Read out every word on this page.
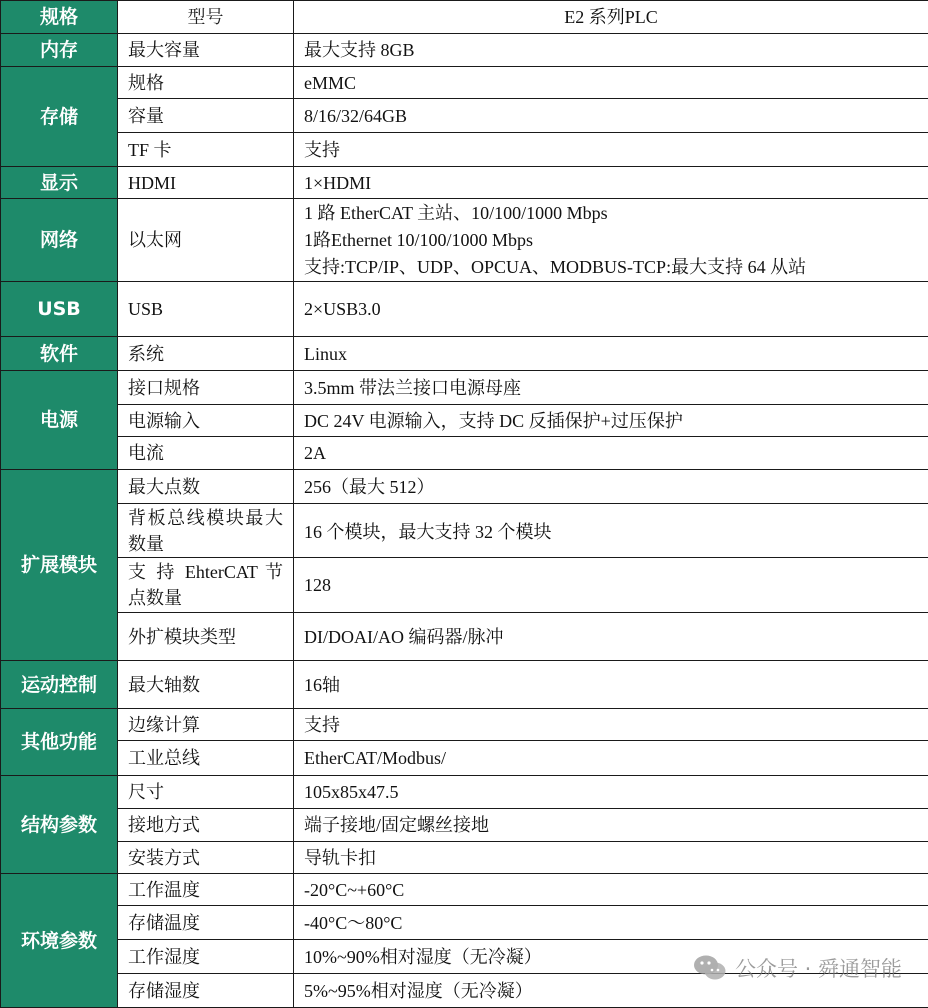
规格	型号	E2 系列PLC
内存	最大容量	最大支持 8GB
存储	规格	eMMC
	容量	8/16/32/64GB
	TF 卡	支持
显示	HDMI	1×HDMI
网络	以太网	1 路 EtherCAT 主站、10/100/1000 Mbps
1路Ethernet 10/100/1000 Mbps
支持:TCP/IP、UDP、OPCUA、MODBUS-TCP:最大支持 64 从站

USB	USB	2×USB3.0
软件	系统	Linux
电源	接口规格	3.5mm 带法兰接口电源母座
	电源输入	DC 24V 电源输入，支持 DC 反插保护+过压保护
	电流	2A
扩展模块	最大点数	256（最大 512）
	背板总线模块最大数量	16 个模块，最大支持 32 个模块
	支 持 EhterCAT 节点数量	128
	外扩模块类型	DI/DOAI/AO 编码器/脉冲
运动控制	最大轴数	16轴
其他功能	边缘计算	支持
	工业总线	EtherCAT/Modbus/
结构参数	尺寸	105x85x47.5
	接地方式	端子接地/固定螺丝接地
	安装方式	导轨卡扣
环境参数	工作温度	-20°C~+60°C
	存储温度	-40°C～80°C
	工作湿度	10%~90%相对湿度（无冷凝）
	存储湿度	5%~95%相对湿度（无冷凝）
公众号 · 舜通智能
